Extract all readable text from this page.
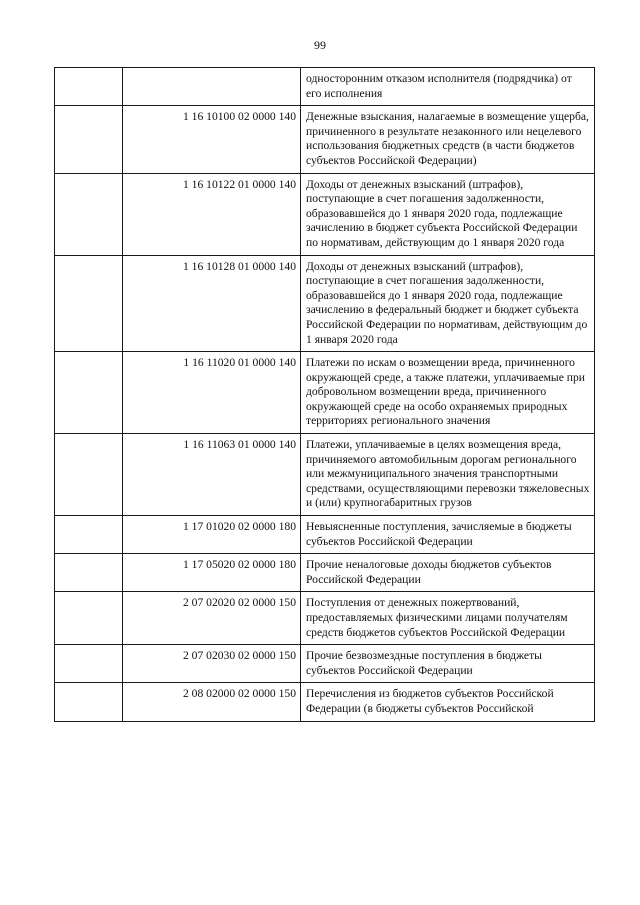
99
		односторонним отказом исполнителя (подрядчика) от его исполнения
	1 16 10100 02 0000 140	Денежные взыскания, налагаемые в возмещение ущерба, причиненного в результате незаконного или нецелевого использования бюджетных средств (в части бюджетов субъектов Российской Федерации)
	1 16 10122 01 0000 140	Доходы от денежных взысканий (штрафов), поступающие в счет погашения задолженности, образовавшейся до 1 января 2020 года, подлежащие зачислению в бюджет субъекта Российской Федерации по нормативам, действующим до 1 января 2020 года
	1 16 10128 01 0000 140	Доходы от денежных взысканий (штрафов), поступающие в счет погашения задолженности, образовавшейся до 1 января 2020 года, подлежащие зачислению в федеральный бюджет и бюджет субъекта Российской Федерации по нормативам, действующим до 1 января 2020 года
	1 16 11020 01 0000 140	Платежи по искам о возмещении вреда, причиненного окружающей среде, а также платежи, уплачиваемые при добровольном возмещении вреда, причиненного окружающей среде на особо охраняемых природных территориях регионального значения
	1 16 11063 01 0000 140	Платежи, уплачиваемые в целях возмещения вреда, причиняемого автомобильным дорогам регионального или межмуниципального значения транспортными средствами, осуществляющими перевозки тяжеловесных и (или) крупногабаритных грузов
	1 17 01020 02 0000 180	Невыясненные поступления, зачисляемые в бюджеты субъектов Российской Федерации
	1 17 05020 02 0000 180	Прочие неналоговые доходы бюджетов субъектов Российской Федерации
	2 07 02020 02 0000 150	Поступления от денежных пожертвований, предоставляемых физическими лицами получателям средств бюджетов субъектов Российской Федерации
	2 07 02030 02 0000 150	Прочие безвозмездные поступления в бюджеты субъектов Российской Федерации
	2 08 02000 02 0000 150	Перечисления из бюджетов субъектов Российской Федерации (в бюджеты субъектов Российской
